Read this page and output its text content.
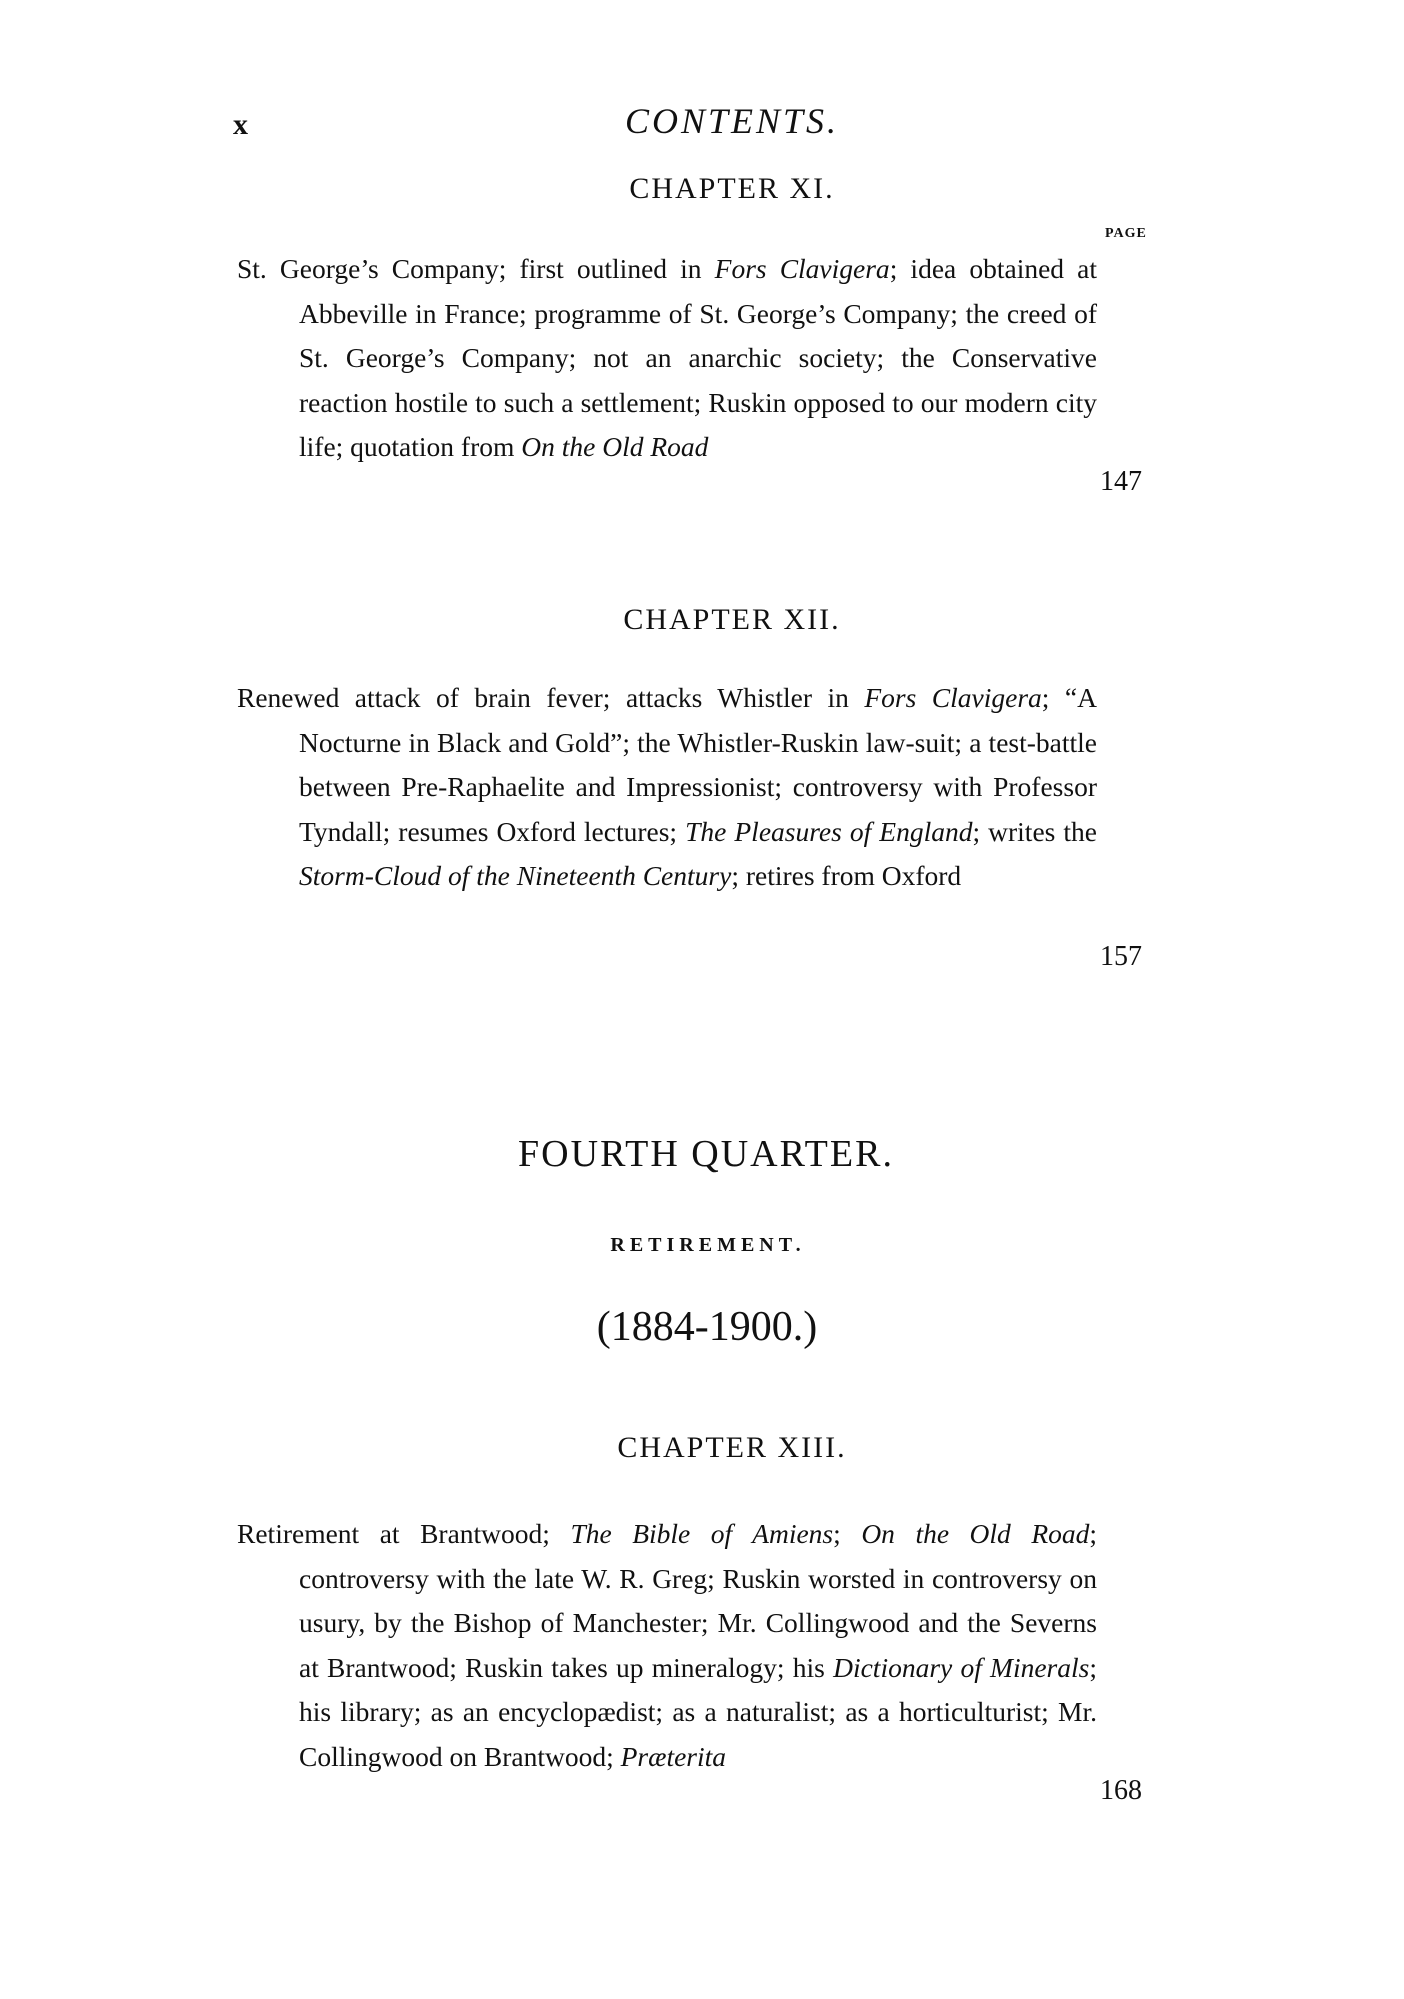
x	CONTENTS.
CHAPTER XI.
PAGE
St. George’s Company; first outlined in Fors Clavigera; idea obtained at Abbeville in France; programme of St. George’s Company; the creed of St. George’s Company; not an anarchic society; the Conservative reaction hostile to such a settlement; Ruskin opposed to our modern city life; quotation from On the Old Road
147
CHAPTER XII.
Renewed attack of brain fever; attacks Whistler in Fors Clavigera; “A Nocturne in Black and Gold”; the Whistler-Ruskin law-suit; a test-battle between Pre-Raphaelite and Impressionist; controversy with Professor Tyndall; resumes Oxford lectures; The Pleasures of England; writes the Storm-Cloud of the Nineteenth Century; retires from Oxford
157
FOURTH QUARTER.
RETIREMENT.
(1884-1900.)
CHAPTER XIII.
Retirement at Brantwood; The Bible of Amiens; On the Old Road; controversy with the late W. R. Greg; Ruskin worsted in controversy on usury, by the Bishop of Manchester; Mr. Collingwood and the Severns at Brantwood; Ruskin takes up mineralogy; his Dictionary of Minerals; his library; as an encyclopædist; as a naturalist; as a horticulturist; Mr. Collingwood on Brantwood; Præterita
168
